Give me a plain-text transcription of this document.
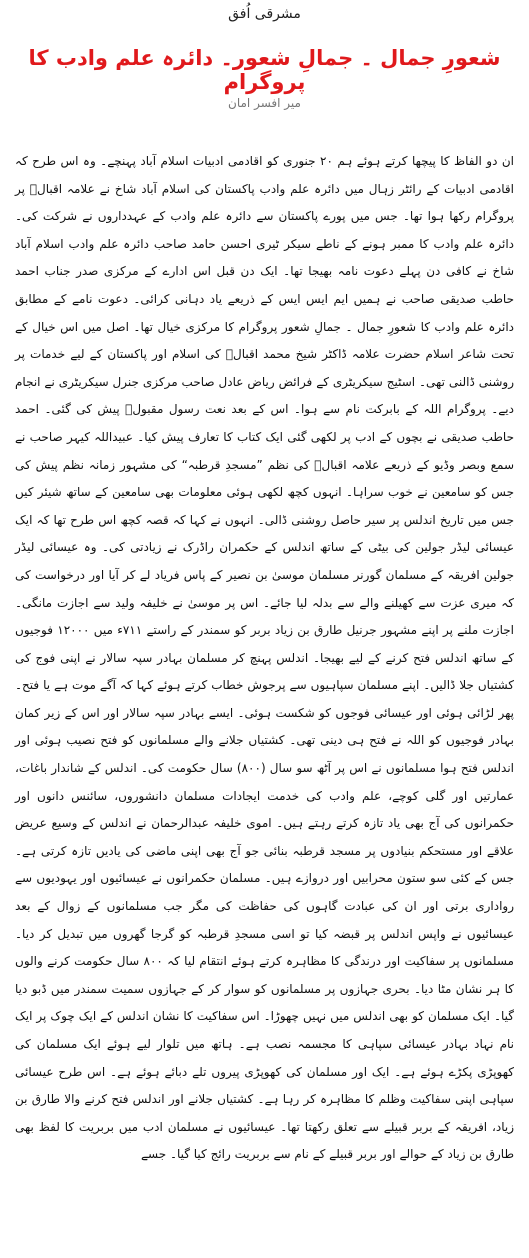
مشرقی اُفق
شعورِ جمال ۔ جمالِ شعور۔ دائرہ علم وادب کا پروگرام
میر افسر امان

ان دو الفاظ کا پیچھا کرتے ہوئے ہم ۲۰ جنوری کو اقادمی ادبیات اسلام آباد پہنچے۔ وہ اس طرح کہ اقادمی ادبیات کے رائٹر زہال میں دائرہ علم وادب پاکستان کی اسلام آباد شاخ نے علامہ اقبالؒ پر پروگرام رکھا ہوا تھا۔ جس میں پورے پاکستان سے دائرہ علم وادب کے عہدداروں نے شرکت کی۔ دائرہ علم وادب کا ممبر ہونے کے ناطے سیکر ٹیری احسن حامد صاحب دائرہ علم وادب اسلام آباد شاخ نے کافی دن پہلے دعوت نامہ بھیجا تھا۔ ایک دن قبل اس ادارے کے مرکزی صدر جناب احمد حاطب صدیقی صاحب نے ہمیں ایم ایس ایس کے ذریعے یاد دہانی کرائی۔ دعوت نامے کے مطابق دائرہ علم وادب کا شعورِ جمال ۔ جمالِ شعور پروگرام کا مرکزی خیال تھا۔ اصل میں اس خیال کے تحت شاعر اسلام حضرت علامہ ڈاکٹر شیخ محمد اقبالؒ کی اسلام اور پاکستان کے لیے خدمات پر روشنی ڈالنی تھی۔ اسٹیج سیکریٹری کے فرائض ریاض عادل صاحب مرکزی جنرل سیکریٹری نے انجام دیے۔ پروگرام اللہ کے بابرکت نام سے ہوا۔ اس کے بعد نعت رسول مقبولؐ پیش کی گئی۔ احمد حاطب صدیقی نے بچوں کے ادب پر لکھی گئی ایک کتاب کا تعارف پیش کیا۔ عبیداللہ کیہر صاحب نے سمع وبصر وڈیو کے ذریعے علامہ اقبالؒ کی نظم ”مسجدِ قرطبہ“ کی مشہور زمانہ نظم پیش کی جس کو سامعین نے خوب سراہا۔ انہوں کچھ لکھی ہوئی معلومات بھی سامعین کے ساتھ شیئر کیں جس میں تاریخ اندلس پر سیر حاصل روشنی ڈالی۔ انہوں نے کہا کہ قصہ کچھ اس طرح تھا کہ ایک عیسائی لیڈر جولین کی بیٹی کے ساتھ اندلس کے حکمران راڈرک نے زیادتی کی۔ وہ عیسائی لیڈر جولین افریقہ کے مسلمان گورنر مسلمان موسیٰ بن نصیر کے پاس فریاد لے کر آیا اور درخواست کی کہ میری عزت سے کھیلنے والے سے بدلہ لیا جائے۔ اس پر موسیٰ نے خلیفہ ولید سے اجازت مانگی۔ اجازت ملنے پر اپنے مشہور جرنیل طارق بن زیاد بربر کو سمندر کے راستے ۷۱۱ء میں ۱۲۰۰۰ فوجیوں کے ساتھ اندلس فتح کرنے کے لیے بھیجا۔ اندلس پہنچ کر مسلمان بہادر سپہ سالار نے اپنی فوج کی کشتیاں جلا ڈالیں۔ اپنے مسلمان سپاہیوں سے پرجوش خطاب کرتے ہوئے کہا کہ آگے موت ہے یا فتح۔ پھر لڑائی ہوئی اور عیسائی فوجوں کو شکست ہوئی۔ ایسے بہادر سپہ سالار اور اس کے زیر کمان بہادر فوجیوں کو اللہ نے فتح ہی دینی تھی۔ کشتیاں جلانے والے مسلمانوں کو فتح نصیب ہوئی اور اندلس فتح ہوا مسلمانوں نے اس پر آٹھ سو سال (۸۰۰) سال حکومت کی۔ اندلس کے شاندار باغات، عمارتیں اور گلی کوچے، علم وادب کی خدمت ایجادات مسلمان دانشوروں، سائنس دانوں اور حکمرانوں کی آج بھی یاد تازہ کرتے رہتے ہیں۔ اموی خلیفہ عبدالرحمان نے اندلس کے وسیع عریض علاقے اور مستحکم بنیادوں پر مسجد قرطبہ بنائی جو آج بھی اپنی ماضی کی یادیں تازہ کرتی ہے۔ جس کے کئی سو ستون محرابیں اور دروازے ہیں۔ مسلمان حکمرانوں نے عیسائیوں اور یہودیوں سے رواداری برتی اور ان کی عبادت گاہوں کی حفاظت کی مگر جب مسلمانوں کے زوال کے بعد عیسائیوں نے واپس اندلس پر قبضہ کیا تو اسی مسجدِ قرطبہ کو گرجا گھروں میں تبدیل کر دیا۔ مسلمانوں پر سفاکیت اور درندگی کا مظاہرہ کرتے ہوئے انتقام لیا کہ ۸۰۰ سال حکومت کرنے والوں کا ہر نشان مٹا دیا۔ بحری جہازوں پر مسلمانوں کو سوار کر کے جہازوں سمیت سمندر میں ڈبو دیا گیا۔ ایک مسلمان کو بھی اندلس میں نہیں چھوڑا۔ اس سفاکیت کا نشان اندلس کے ایک چوک پر ایک نام نہاد بہادر عیسائی سپاہی کا مجسمہ نصب ہے۔ ہاتھ میں تلوار لیے ہوئے ایک مسلمان کی کھوپڑی پکڑے ہوئے ہے۔ ایک اور مسلمان کی کھوپڑی پیروں تلے دبائے ہوئے ہے۔ اس طرح عیسائی سپاہی اپنی سفاکیت وظلم کا مظاہرہ کر رہا ہے۔ کشتیاں جلانے اور اندلس فتح کرنے والا طارق بن زیاد، افریقہ کے بربر قبیلے سے تعلق رکھتا تھا۔ عیسائیوں نے مسلمان ادب میں بربریت کا لفظ بھی طارق بن زیاد کے حوالے اور بربر قبیلے کے نام سے بربریت رائج کیا گیا۔ جسے
